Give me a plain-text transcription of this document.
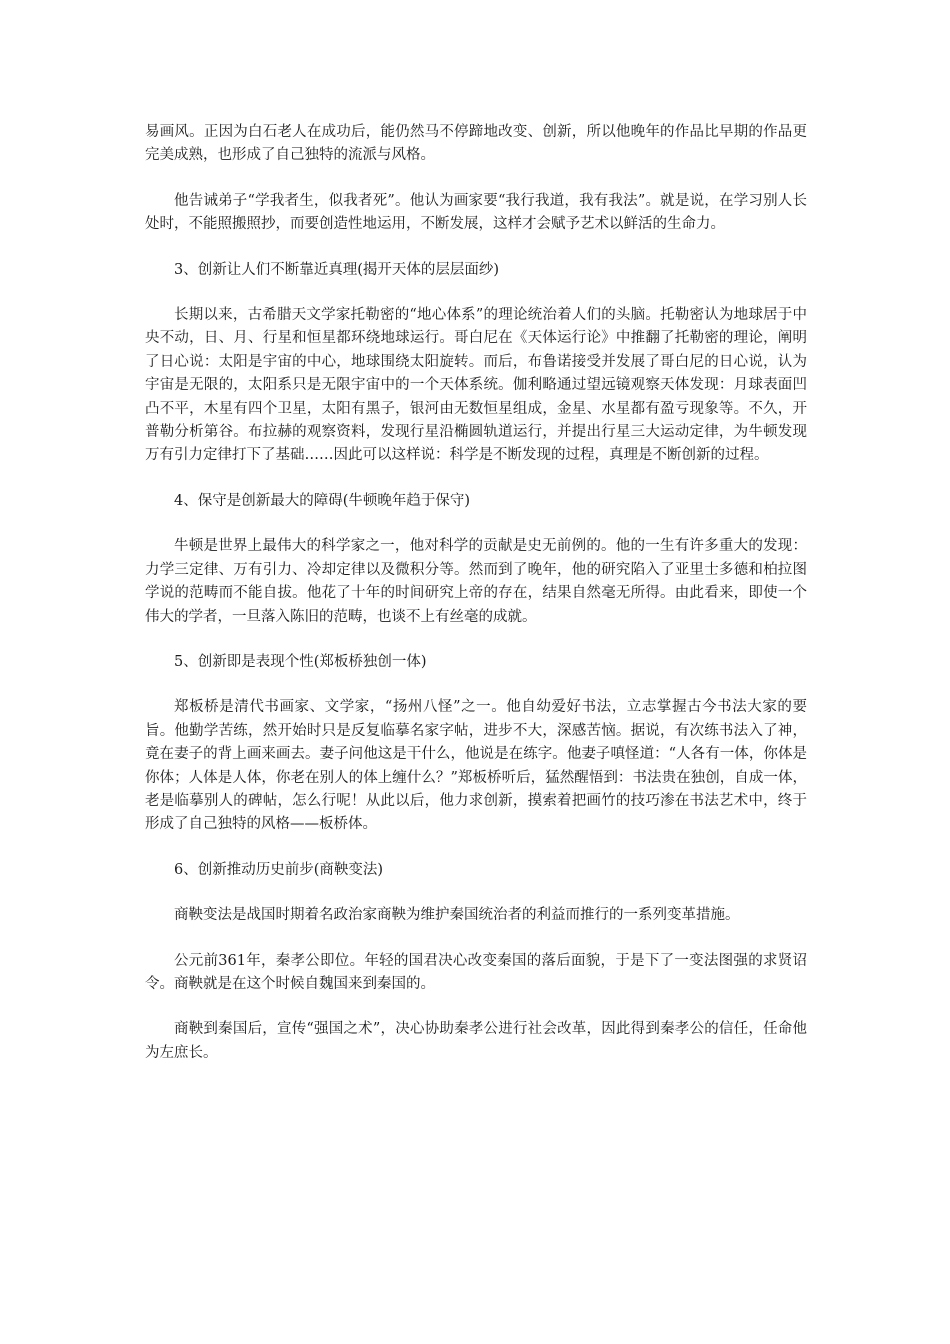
易画风。正因为白石老人在成功后，能仍然马不停蹄地改变、创新，所以他晚年的作品比早期的作品更完美成熟，也形成了自己独特的流派与风格。

他告诫弟子“学我者生，似我者死”。他认为画家要“我行我道，我有我法”。就是说，在学习别人长处时，不能照搬照抄，而要创造性地运用，不断发展，这样才会赋予艺术以鲜活的生命力。

3、创新让人们不断靠近真理(揭开天体的层层面纱)

长期以来，古希腊天文学家托勒密的“地心体系”的理论统治着人们的头脑。托勒密认为地球居于中央不动，日、月、行星和恒星都环绕地球运行。哥白尼在《天体运行论》中推翻了托勒密的理论，阐明了日心说：太阳是宇宙的中心，地球围绕太阳旋转。而后，布鲁诺接受并发展了哥白尼的日心说，认为宇宙是无限的，太阳系只是无限宇宙中的一个天体系统。伽利略通过望远镜观察天体发现：月球表面凹凸不平，木星有四个卫星，太阳有黑子，银河由无数恒星组成，金星、水星都有盈亏现象等。不久，开普勒分析第谷。布拉赫的观察资料，发现行星沿椭圆轨道运行，并提出行星三大运动定律，为牛顿发现万有引力定律打下了基础……因此可以这样说：科学是不断发现的过程，真理是不断创新的过程。

4、保守是创新最大的障碍(牛顿晚年趋于保守)

牛顿是世界上最伟大的科学家之一，他对科学的贡献是史无前例的。他的一生有许多重大的发现：力学三定律、万有引力、冷却定律以及微积分等。然而到了晚年，他的研究陷入了亚里士多德和柏拉图学说的范畴而不能自拔。他花了十年的时间研究上帝的存在，结果自然毫无所得。由此看来，即使一个伟大的学者，一旦落入陈旧的范畴，也谈不上有丝毫的成就。

5、创新即是表现个性(郑板桥独创一体)

郑板桥是清代书画家、文学家，“扬州八怪”之一。他自幼爱好书法，立志掌握古今书法大家的要旨。他勤学苦练，然开始时只是反复临摹名家字帖，进步不大，深感苦恼。据说，有次练书法入了神，竟在妻子的背上画来画去。妻子问他这是干什么，他说是在练字。他妻子嗔怪道：“人各有一体，你体是你体；人体是人体，你老在别人的体上缠什么？”郑板桥听后，猛然醒悟到：书法贵在独创，自成一体，老是临摹别人的碑帖，怎么行呢！从此以后，他力求创新，摸索着把画竹的技巧渗在书法艺术中，终于形成了自己独特的风格——板桥体。

6、创新推动历史前步(商鞅变法)

商鞅变法是战国时期着名政治家商鞅为维护秦国统治者的利益而推行的一系列变革措施。

公元前361年，秦孝公即位。年轻的国君决心改变秦国的落后面貌，于是下了一变法图强的求贤诏令。商鞅就是在这个时候自魏国来到秦国的。

商鞅到秦国后，宣传“强国之术”，决心协助秦孝公进行社会改革，因此得到秦孝公的信任，任命他为左庶长。
